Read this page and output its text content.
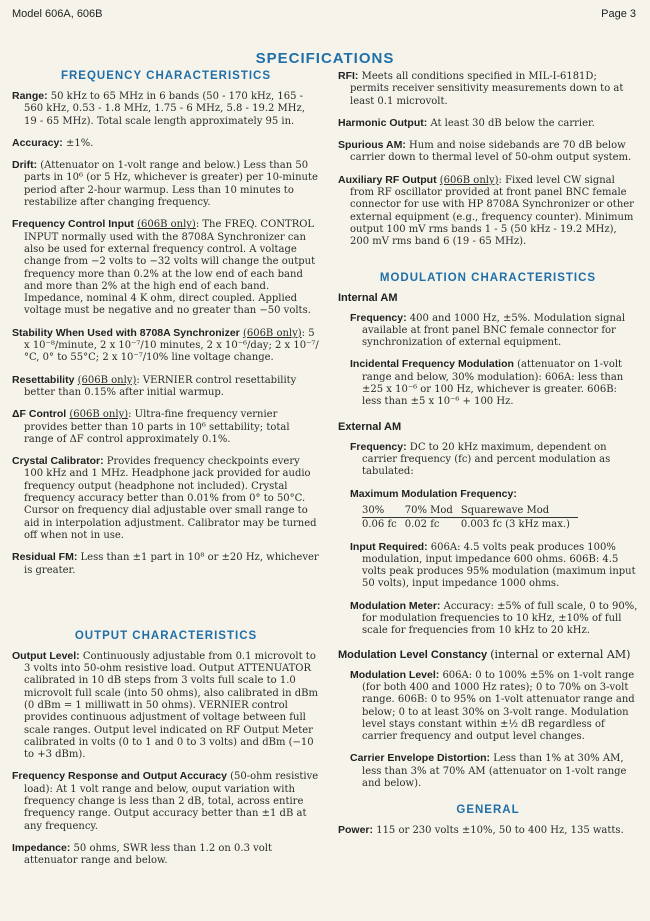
Model 606A, 606B	Page 3
SPECIFICATIONS
FREQUENCY CHARACTERISTICS

Range: 50 kHz to 65 MHz in 6 bands (50 - 170 kHz, 165 - 560 kHz, 0.53 - 1.8 MHz, 1.75 - 6 MHz, 5.8 - 19.2 MHz, 19 - 65 MHz). Total scale length approximately 95 in.

Accuracy: ±1%.

Drift: (Attenuator on 1-volt range and below.) Less than 50 parts in 10⁶ (or 5 Hz, whichever is greater) per 10-minute period after 2-hour warmup. Less than 10 minutes to restabilize after changing frequency.

Frequency Control Input (606B only): The FREQ. CONTROL INPUT normally used with the 8708A Synchronizer can also be used for external frequency control. A voltage change from −2 volts to −32 volts will change the output frequency more than 0.2% at the low end of each band and more than 2% at the high end of each band. Impedance, nominal 4 K ohm, direct coupled. Applied voltage must be negative and no greater than −50 volts.

Stability When Used with 8708A Synchronizer (606B only): 5 x 10⁻⁸/minute, 2 x 10⁻⁷/10 minutes, 2 x 10⁻⁶/day; 2 x 10⁻⁷/°C, 0° to 55°C; 2 x 10⁻⁷/10% line voltage change.

Resettability (606B only): VERNIER control resettability better than 0.15% after initial warmup.

ΔF Control (606B only): Ultra-fine frequency vernier provides better than 10 parts in 10⁶ settability; total range of ΔF control approximately 0.1%.

Crystal Calibrator: Provides frequency checkpoints every 100 kHz and 1 MHz. Headphone jack provided for audio frequency output (headphone not included). Crystal frequency accuracy better than 0.01% from 0° to 50°C. Cursor on frequency dial adjustable over small range to aid in interpolation adjustment. Calibrator may be turned off when not in use.

Residual FM: Less than ±1 part in 10⁸ or ±20 Hz, whichever is greater.

OUTPUT CHARACTERISTICS

Output Level: Continuously adjustable from 0.1 microvolt to 3 volts into 50-ohm resistive load. Output ATTENUATOR calibrated in 10 dB steps from 3 volts full scale to 1.0 microvolt full scale (into 50 ohms), also calibrated in dBm (0 dBm = 1 milliwatt in 50 ohms). VERNIER control provides continuous adjustment of voltage between full scale ranges. Output level indicated on RF Output Meter calibrated in volts (0 to 1 and 0 to 3 volts) and dBm (−10 to +3 dBm).

Frequency Response and Output Accuracy (50-ohm resistive load): At 1 volt range and below, ouput variation with frequency change is less than 2 dB, total, across entire frequency range. Output accuracy better than ±1 dB at any frequency.

Impedance: 50 ohms, SWR less than 1.2 on 0.3 volt attenuator range and below.

RFI: Meets all conditions specified in MIL-I-6181D; permits receiver sensitivity measurements down to at least 0.1 microvolt.

Harmonic Output: At least 30 dB below the carrier.

Spurious AM: Hum and noise sidebands are 70 dB below carrier down to thermal level of 50-ohm output system.

Auxiliary RF Output (606B only): Fixed level CW signal from RF oscillator provided at front panel BNC female connector for use with HP 8708A Synchronizer or other external equipment (e.g., frequency counter). Minimum output 100 mV rms bands 1 - 5 (50 kHz - 19.2 MHz), 200 mV rms band 6 (19 - 65 MHz).

MODULATION CHARACTERISTICS
Internal AM

Frequency: 400 and 1000 Hz, ±5%. Modulation signal available at front panel BNC female connector for synchronization of external equipment.

Incidental Frequency Modulation (attenuator on 1-volt range and below, 30% modulation): 606A: less than ±25 x 10⁻⁶ or 100 Hz, whichever is greater. 606B: less than ±5 x 10⁻⁶ + 100 Hz.

External AM

Frequency: DC to 20 kHz maximum, dependent on carrier frequency (fc) and percent modulation as tabulated:

Maximum Modulation Frequency:
30%	70% Mod	Squarewave Mod
0.06 fc	0.02 fc	0.003 fc (3 kHz max.)

Input Required: 606A: 4.5 volts peak produces 100% modulation, input impedance 600 ohms. 606B: 4.5 volts peak produces 95% modulation (maximum input 50 volts), input impedance 1000 ohms.

Modulation Meter: Accuracy: ±5% of full scale, 0 to 90%, for modulation frequencies to 10 kHz, ±10% of full scale for frequencies from 10 kHz to 20 kHz.

Modulation Level Constancy (internal or external AM)

Modulation Level: 606A: 0 to 100% ±5% on 1-volt range (for both 400 and 1000 Hz rates); 0 to 70% on 3-volt range. 606B: 0 to 95% on 1-volt attenuator range and below; 0 to at least 30% on 3-volt range. Modulation level stays constant within ±½ dB regardless of carrier frequency and output level changes.

Carrier Envelope Distortion: Less than 1% at 30% AM, less than 3% at 70% AM (attenuator on 1-volt range and below).

GENERAL

Power: 115 or 230 volts ±10%, 50 to 400 Hz, 135 watts.
